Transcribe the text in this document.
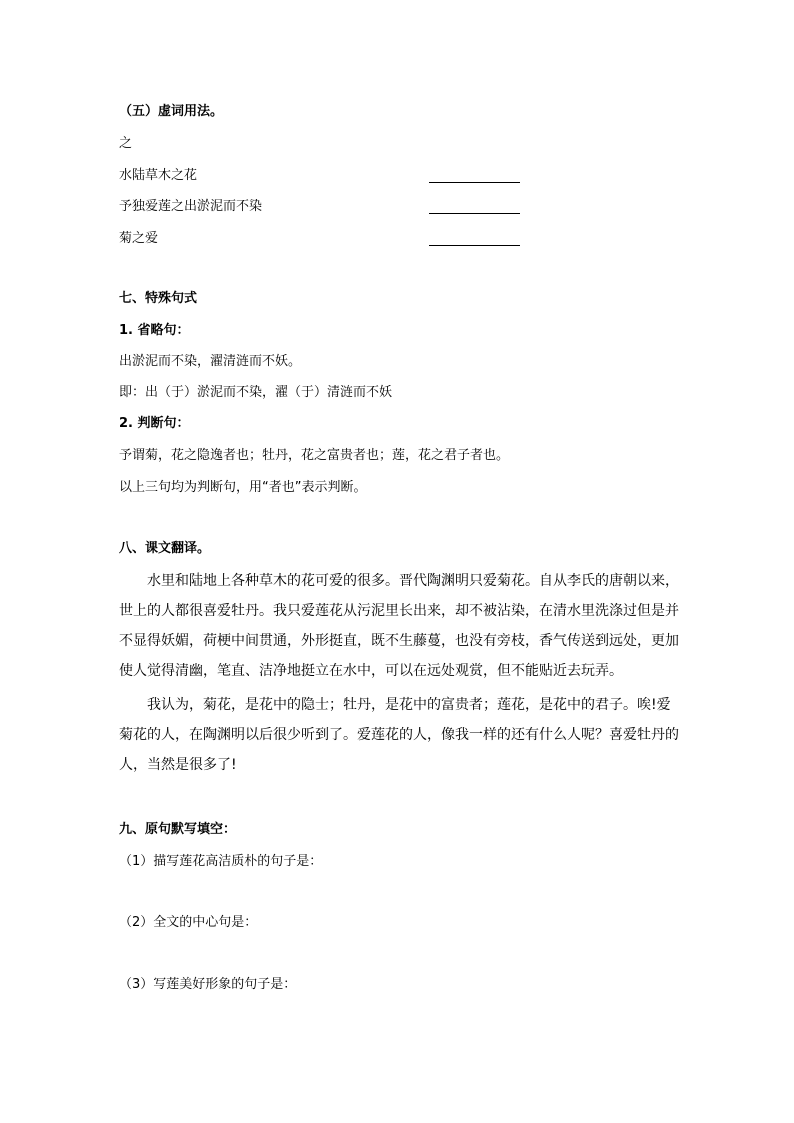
（五）虚词用法。
之
水陆草木之花
予独爱莲之出淤泥而不染
菊之爱
七、特殊句式
1. 省略句：
出淤泥而不染，濯清涟而不妖。
即：出（于）淤泥而不染，濯（于）清涟而不妖
2. 判断句：
予谓菊，花之隐逸者也；牡丹，花之富贵者也；莲，花之君子者也。
以上三句均为判断句，用“者也”表示判断。
八、课文翻译。
水里和陆地上各种草木的花可爱的很多。晋代陶渊明只爱菊花。自从李氏的唐朝以来，世上的人都很喜爱牡丹。我只爱莲花从污泥里长出来，却不被沾染，在清水里洗涤过但是并不显得妖媚，荷梗中间贯通，外形挺直，既不生藤蔓，也没有旁枝，香气传送到远处，更加使人觉得清幽，笔直、洁净地挺立在水中，可以在远处观赏，但不能贴近去玩弄。
我认为，菊花，是花中的隐士；牡丹，是花中的富贵者；莲花，是花中的君子。唉!爱菊花的人，在陶渊明以后很少听到了。爱莲花的人，像我一样的还有什么人呢？喜爱牡丹的人，当然是很多了!
九、原句默写填空：
（1）描写莲花高洁质朴的句子是：
（2）全文的中心句是：
（3）写莲美好形象的句子是：
